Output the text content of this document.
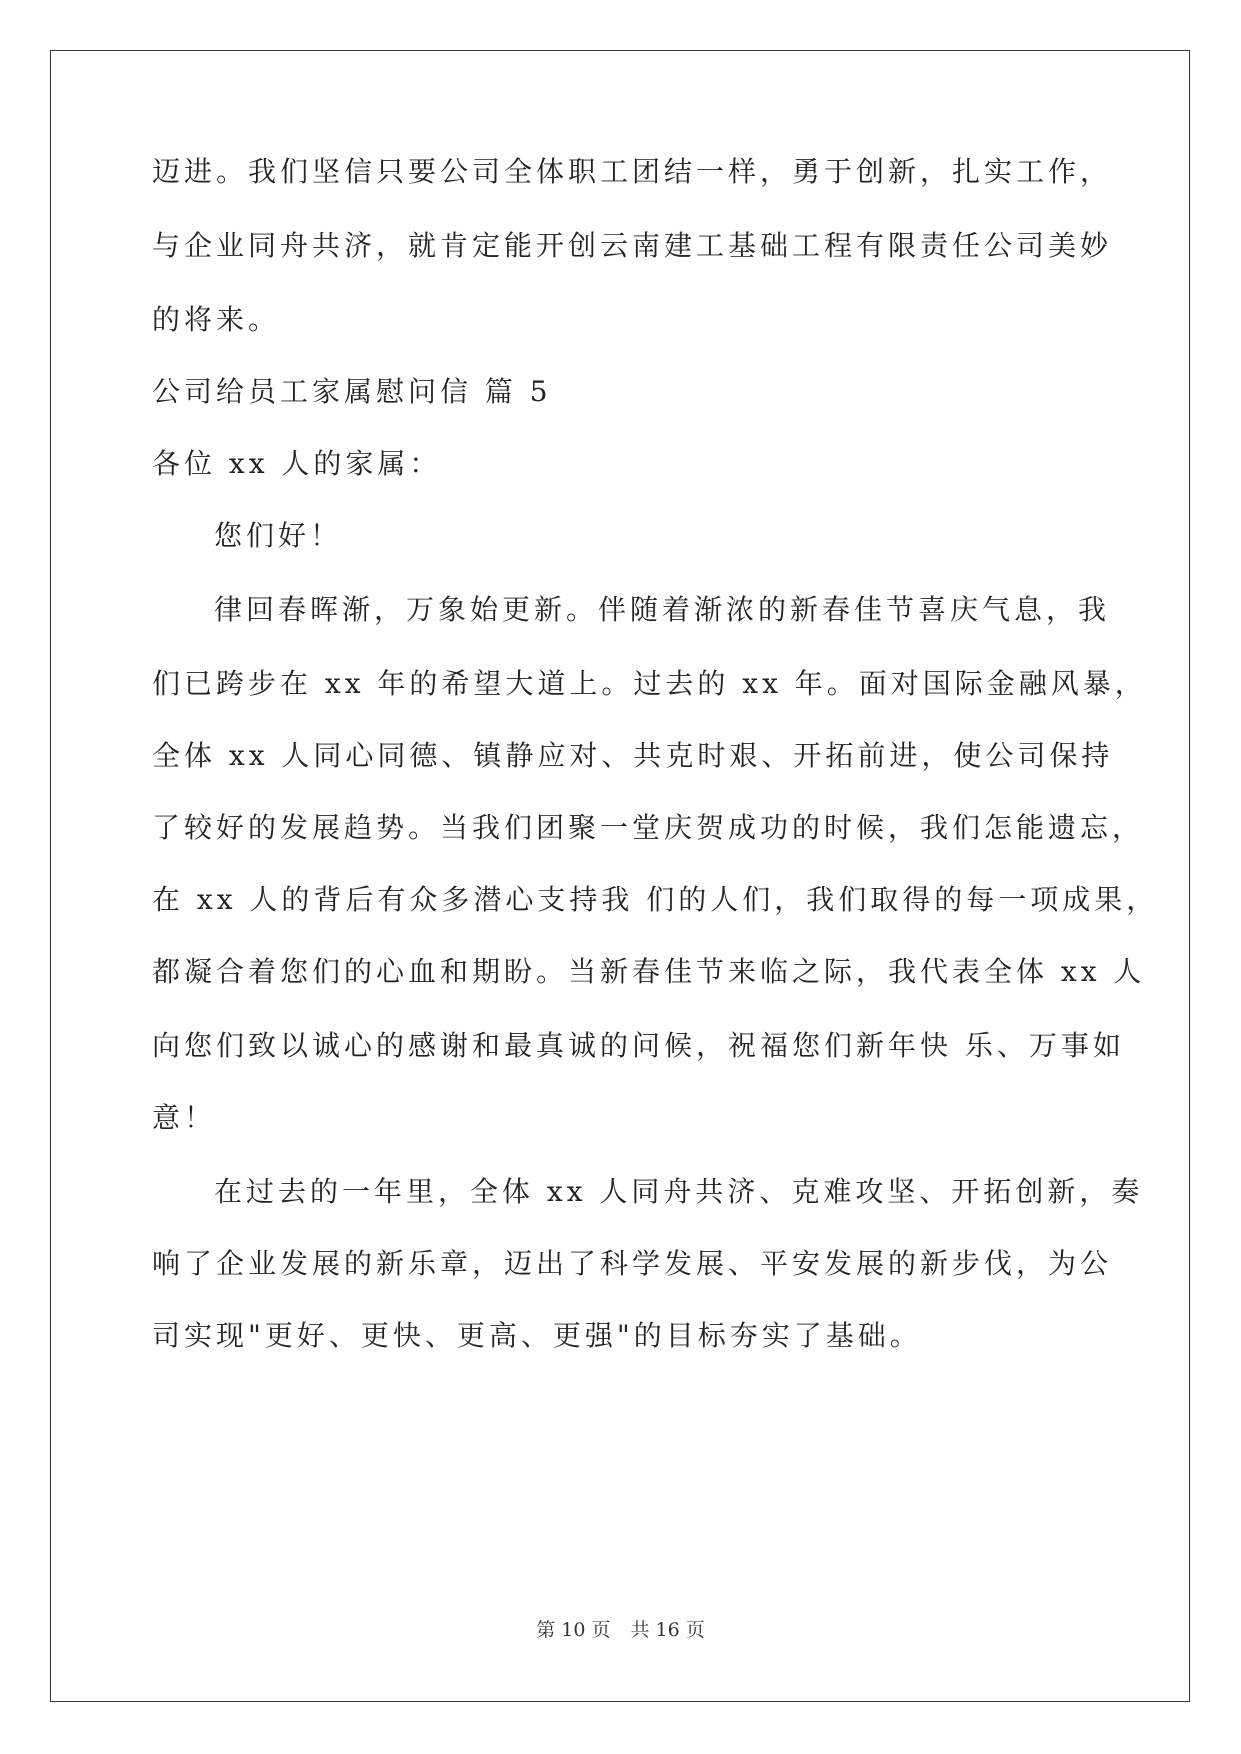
迈进。我们坚信只要公司全体职工团结一样，勇于创新，扎实工作，
与企业同舟共济，就肯定能开创云南建工基础工程有限责任公司美妙
的将来。
公司给员工家属慰问信 篇 5
各位 xx 人的家属：
您们好！
律回春晖渐，万象始更新。伴随着渐浓的新春佳节喜庆气息，我
们已跨步在 xx 年的希望大道上。过去的 xx 年。面对国际金融风暴，
全体 xx 人同心同德、镇静应对、共克时艰、开拓前进，使公司保持
了较好的发展趋势。当我们团聚一堂庆贺成功的时候，我们怎能遗忘，
在 xx 人的背后有众多潜心支持我 们的人们，我们取得的每一项成果，
都凝合着您们的心血和期盼。当新春佳节来临之际，我代表全体 xx 人
向您们致以诚心的感谢和最真诚的问候，祝福您们新年快 乐、万事如
意！
在过去的一年里，全体 xx 人同舟共济、克难攻坚、开拓创新，奏
响了企业发展的新乐章，迈出了科学发展、平安发展的新步伐，为公
司实现"更好、更快、更高、更强"的目标夯实了基础。
第 10 页 共 16 页
